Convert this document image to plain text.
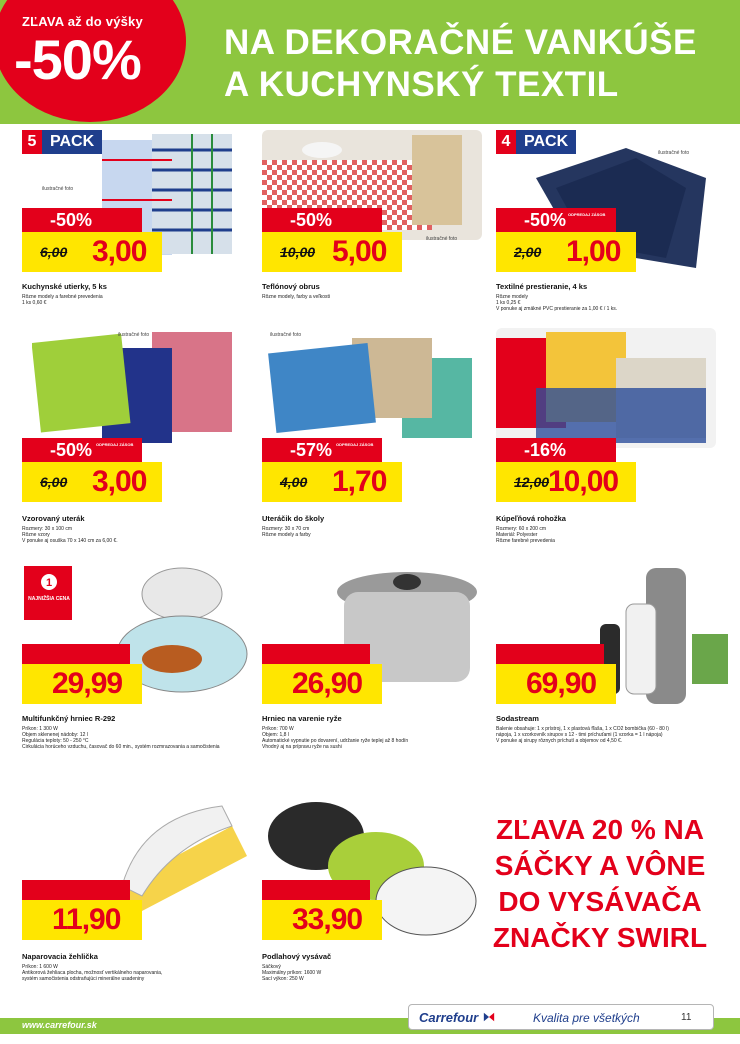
ZĽAVA až do výšky
-50% NA DEKORAČNÉ VANKÚŠE
A KUCHYNSKÝ TEXTIL
5 PACK
ilustračné foto
-50%
6,00 3,00
Kuchynské utierky, 5 ks
Rôzne modely a farebné prevedenia
1 ks 0,60 €
-50%
ilustračné foto
10,00 5,00
Teflónový obrus
Rôzne modely, farby a veľkosti
4 PACK
ilustračné foto
-50% ODPREDAJ ZÁSOB
2,00 1,00
Textilné prestieranie, 4 ks
Rôzne modely
1 ks 0,25 €
V ponuke aj zmäkné PVC prestieranie za 1,00 € / 1 ks.
ilustračné foto
-50% ODPREDAJ ZÁSOB
6,00 3,00
Vzorovaný uterák
Rozmery: 30 x 100 cm
Rôzne vzory
V ponuke aj osuška 70 x 140 cm za 6,00 €.
ilustračné foto
-57% ODPREDAJ ZÁSOB
4,00 1,70
Uteráčik do školy
Rozmery: 30 x 70 cm
Rôzne modely a farby
-16%
12,00
10,00
Kúpeľňová rohožka
Rozmery: 60 x 200 cm
Materiál: Polyester
Rôzne farebné prevedenia
1
NAJNIŽŠIA CENA
29,99
Multifunkčný hrniec R-292
Príkon: 1 300 W
Objem sklenenej nádoby: 12 l
Regulácia teploty: 50 - 250 °C
Cirkulácia horúceho vzduchu, časovač do 60 min., systém rozmrazovania a samočistenia
26,90
Hrniec na varenie ryže
Príkon: 700 W
Objem: 1,8 l
Automatické vypnutie po dovarení, udržanie ryže teplej až 8 hodín
Vhodný aj na prípravu ryže na sushi
69,90
Sodastream
Balenie obsahuje: 1 x prístroj, 1 x plastová fľaša, 1 x CO2 bombička (60 - 80 l)
nápoja, 1 x vzorkovník sirupov s 12 - timi príchuťami (1 vzorka = 1 l nápoja)
V ponuke aj sirupy rôznych príchutí a objemov od 4,50 €.
11,90
Naparovacia žehlička
Príkon: 1 600 W
Antikorová žehliaca plocha, možnosť vertikálneho naparovania,
systém samočistenia odstraňujúci minerálne usadeniny
33,90
Podlahový vysávač
Sáčkový
Maximálny príkon: 1600 W
Sací výkon: 250 W
ZĽAVA 20 % NA
SÁČKY A VÔNE
DO VYSÁVAČA
ZNAČKY SWIRL
www.carrefour.sk	Carrefour	Kvalita pre všetkých	11
